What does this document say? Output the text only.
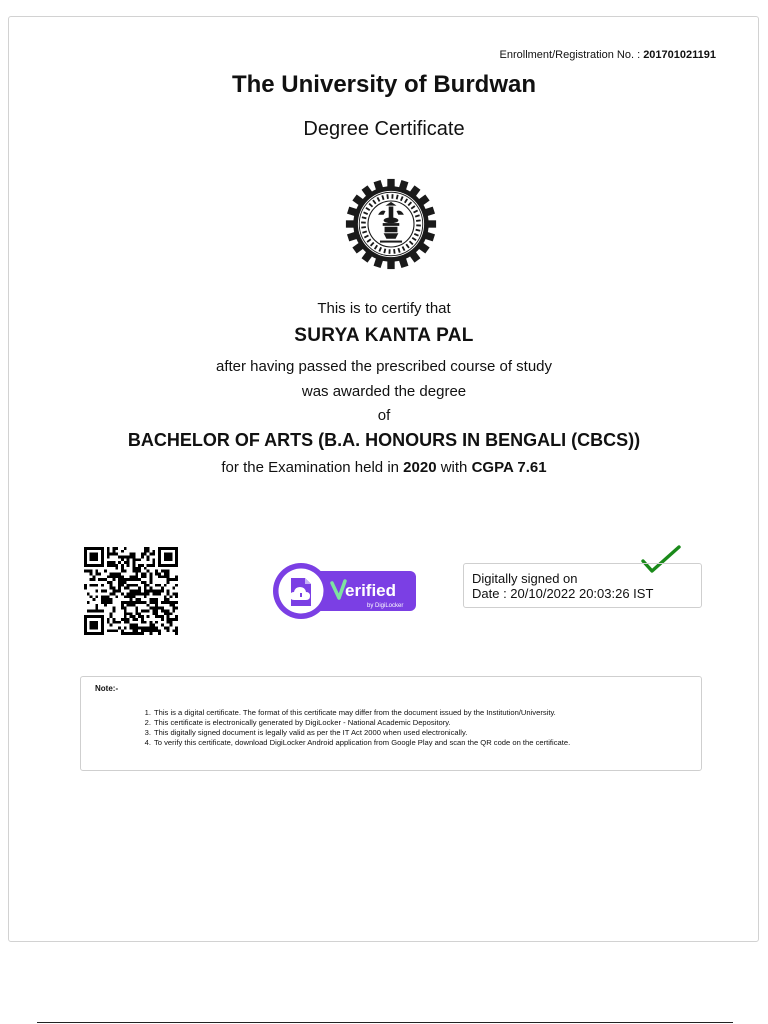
Enrollment/Registration No. : 201701021191
The University of Burdwan
Degree Certificate
This is to certify that
SURYA KANTA PAL
after having passed the prescribed course of study
was awarded the degree
of
BACHELOR OF ARTS (B.A. HONOURS IN BENGALI (CBCS))
for the Examination held in 2020 with CGPA 7.61
erified
by DigiLocker
Digitally signed on
Date : 20/10/2022 20:03:26 IST
Note:-
1. This is a digital certificate. The format of this certificate may differ from the document issued by the Institution/University.
2. This certificate is electronically generated by DigiLocker - National Academic Depository.
3. This digitally signed document is legally valid as per the IT Act 2000 when used electronically.
4. To verify this certificate, download DigiLocker Android application from Google Play and scan the QR code on the certificate.
